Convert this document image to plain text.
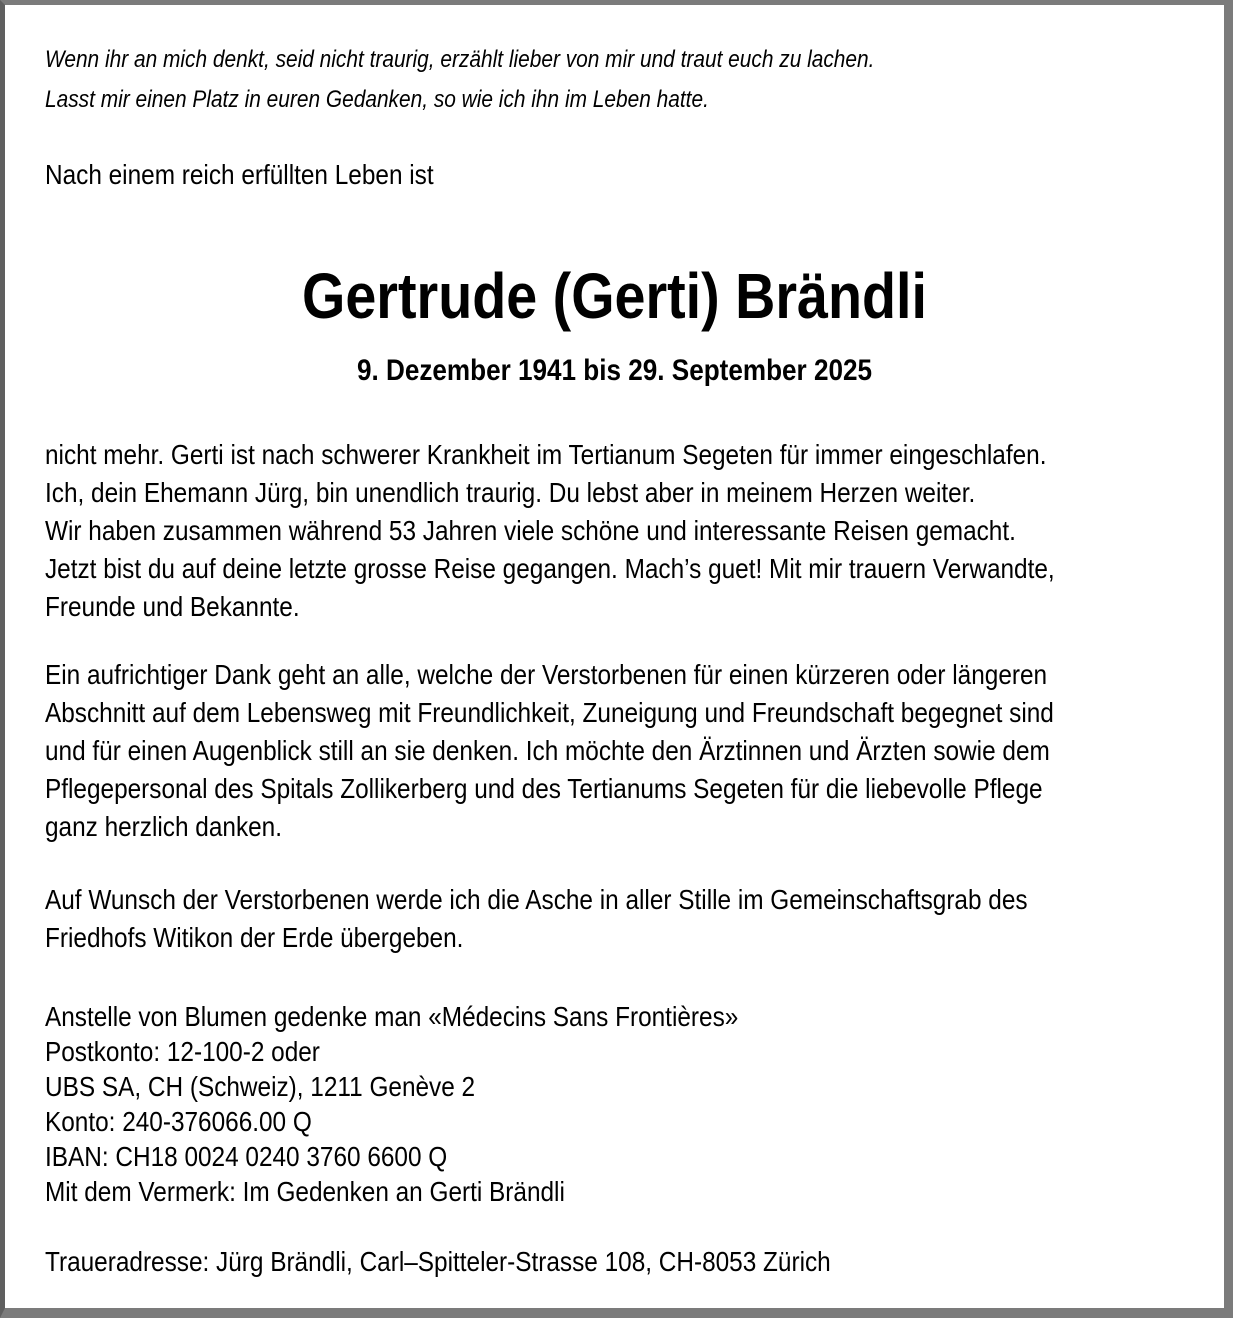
Wenn ihr an mich denkt, seid nicht traurig, erzählt lieber von mir und traut euch zu lachen.
Lasst mir einen Platz in euren Gedanken, so wie ich ihn im Leben hatte.
Nach einem reich erfüllten Leben ist
Gertrude (Gerti) Brändli
9. Dezember 1941 bis 29. September 2025
nicht mehr. Gerti ist nach schwerer Krankheit im Tertianum Segeten für immer eingeschlafen.
Ich, dein Ehemann Jürg, bin unendlich traurig. Du lebst aber in meinem Herzen weiter.
Wir haben zusammen während 53 Jahren viele schöne und interessante Reisen gemacht.
Jetzt bist du auf deine letzte grosse Reise gegangen. Mach’s guet! Mit mir trauern Verwandte,
Freunde und Bekannte.
Ein aufrichtiger Dank geht an alle, welche der Verstorbenen für einen kürzeren oder längeren
Abschnitt auf dem Lebensweg mit Freundlichkeit, Zuneigung und Freundschaft begegnet sind
und für einen Augenblick still an sie denken. Ich möchte den Ärztinnen und Ärzten sowie dem
Pflegepersonal des Spitals Zollikerberg und des Tertianums Segeten für die liebevolle Pflege
ganz herzlich danken.
Auf Wunsch der Verstorbenen werde ich die Asche in aller Stille im Gemeinschaftsgrab des
Friedhofs Witikon der Erde übergeben.
Anstelle von Blumen gedenke man «Médecins Sans Frontières»
Postkonto: 12-100-2 oder
UBS SA, CH (Schweiz), 1211 Genève 2
Konto: 240-376066.00 Q
IBAN: CH18 0024 0240 3760 6600 Q
Mit dem Vermerk: Im Gedenken an Gerti Brändli
Traueradresse: Jürg Brändli, Carl–Spitteler-Strasse 108, CH-8053 Zürich
